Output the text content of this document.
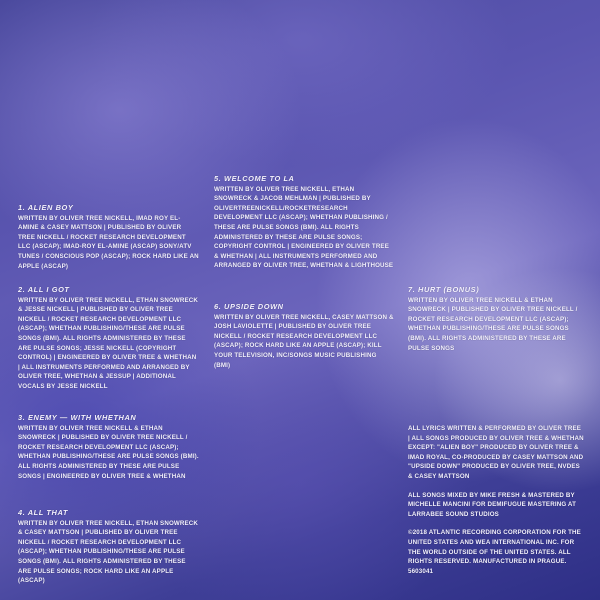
1. ALIEN BOY
WRITTEN BY OLIVER TREE NICKELL, IMAD ROY EL-AMINE & CASEY MATTSON | PUBLISHED BY OLIVER TREE NICKELL / ROCKET RESEARCH DEVELOPMENT LLC (ASCAP); IMAD-ROY EL-AMINE (ASCAP) SONY/ATV TUNES / CONSCIOUS POP (ASCAP); ROCK HARD LIKE AN APPLE (ASCAP)
2. ALL I GOT
WRITTEN BY OLIVER TREE NICKELL, ETHAN SNOWRECK & JESSE NICKELL | PUBLISHED BY OLIVER TREE NICKELL / ROCKET RESEARCH DEVELOPMENT LLC (ASCAP); WHETHAN PUBLISHING/THESE ARE PULSE SONGS (BMI). ALL RIGHTS ADMINISTERED BY THESE ARE PULSE SONGS; JESSE NICKELL (COPYRIGHT CONTROL) | ENGINEERED BY OLIVER TREE & WHETHAN | ALL INSTRUMENTS PERFORMED AND ARRANGED BY OLIVER TREE, WHETHAN & JESSUP | ADDITIONAL VOCALS BY JESSE NICKELL
3. ENEMY — WITH WHETHAN
WRITTEN BY OLIVER TREE NICKELL & ETHAN SNOWRECK | PUBLISHED BY OLIVER TREE NICKELL / ROCKET RESEARCH DEVELOPMENT LLC (ASCAP); WHETHAN PUBLISHING/THESE ARE PULSE SONGS (BMI). ALL RIGHTS ADMINISTERED BY THESE ARE PULSE SONGS | ENGINEERED BY OLIVER TREE & WHETHAN
4. ALL THAT
WRITTEN BY OLIVER TREE NICKELL, ETHAN SNOWRECK & CASEY MATTSON | PUBLISHED BY OLIVER TREE NICKELL / ROCKET RESEARCH DEVELOPMENT LLC (ASCAP); WHETHAN PUBLISHING/THESE ARE PULSE SONGS (BMI). ALL RIGHTS ADMINISTERED BY THESE ARE PULSE SONGS; ROCK HARD LIKE AN APPLE (ASCAP)
5. WELCOME TO LA
WRITTEN BY OLIVER TREE NICKELL, ETHAN SNOWRECK & JACOB MEHLMAN | PUBLISHED BY OLIVERTREENICKELL/ROCKETRESEARCH DEVELOPMENT LLC (ASCAP); WHETHAN PUBLISHING / THESE ARE PULSE SONGS (BMI). ALL RIGHTS ADMINISTERED BY THESE ARE PULSE SONGS; COPYRIGHT CONTROL | ENGINEERED BY OLIVER TREE & WHETHAN | ALL INSTRUMENTS PERFORMED AND ARRANGED BY OLIVER TREE, WHETHAN & LIGHTHOUSE
6. UPSIDE DOWN
WRITTEN BY OLIVER TREE NICKELL, CASEY MATTSON & JOSH LAVIOLETTE | PUBLISHED BY OLIVER TREE NICKELL / ROCKET RESEARCH DEVELOPMENT LLC (ASCAP); ROCK HARD LIKE AN APPLE (ASCAP); KILL YOUR TELEVISION, INC/SONGS MUSIC PUBLISHING (BMI)
7. HURT (BONUS)
WRITTEN BY OLIVER TREE NICKELL & ETHAN SNOWRECK | PUBLISHED BY OLIVER TREE NICKELL / ROCKET RESEARCH DEVELOPMENT LLC (ASCAP); WHETHAN PUBLISHING/THESE ARE PULSE SONGS (BMI). ALL RIGHTS ADMINISTERED BY THESE ARE PULSE SONGS
ALL LYRICS WRITTEN & PERFORMED BY OLIVER TREE | ALL SONGS PRODUCED BY OLIVER TREE & WHETHAN EXCEPT: "ALIEN BOY" PRODUCED BY OLIVER TREE & IMAD ROYAL, CO-PRODUCED BY CASEY MATTSON AND "UPSIDE DOWN" PRODUCED BY OLIVER TREE, NVDES & CASEY MATTSON
ALL SONGS MIXED BY MIKE FRESH & MASTERED BY MICHELLE MANCINI FOR DEMIFUGUE MASTERING AT LARRABEE SOUND STUDIOS
©2018 ATLANTIC RECORDING CORPORATION FOR THE UNITED STATES AND WEA INTERNATIONAL INC. FOR THE WORLD OUTSIDE OF THE UNITED STATES. ALL RIGHTS RESERVED. MANUFACTURED IN PRAGUE. 5603041
